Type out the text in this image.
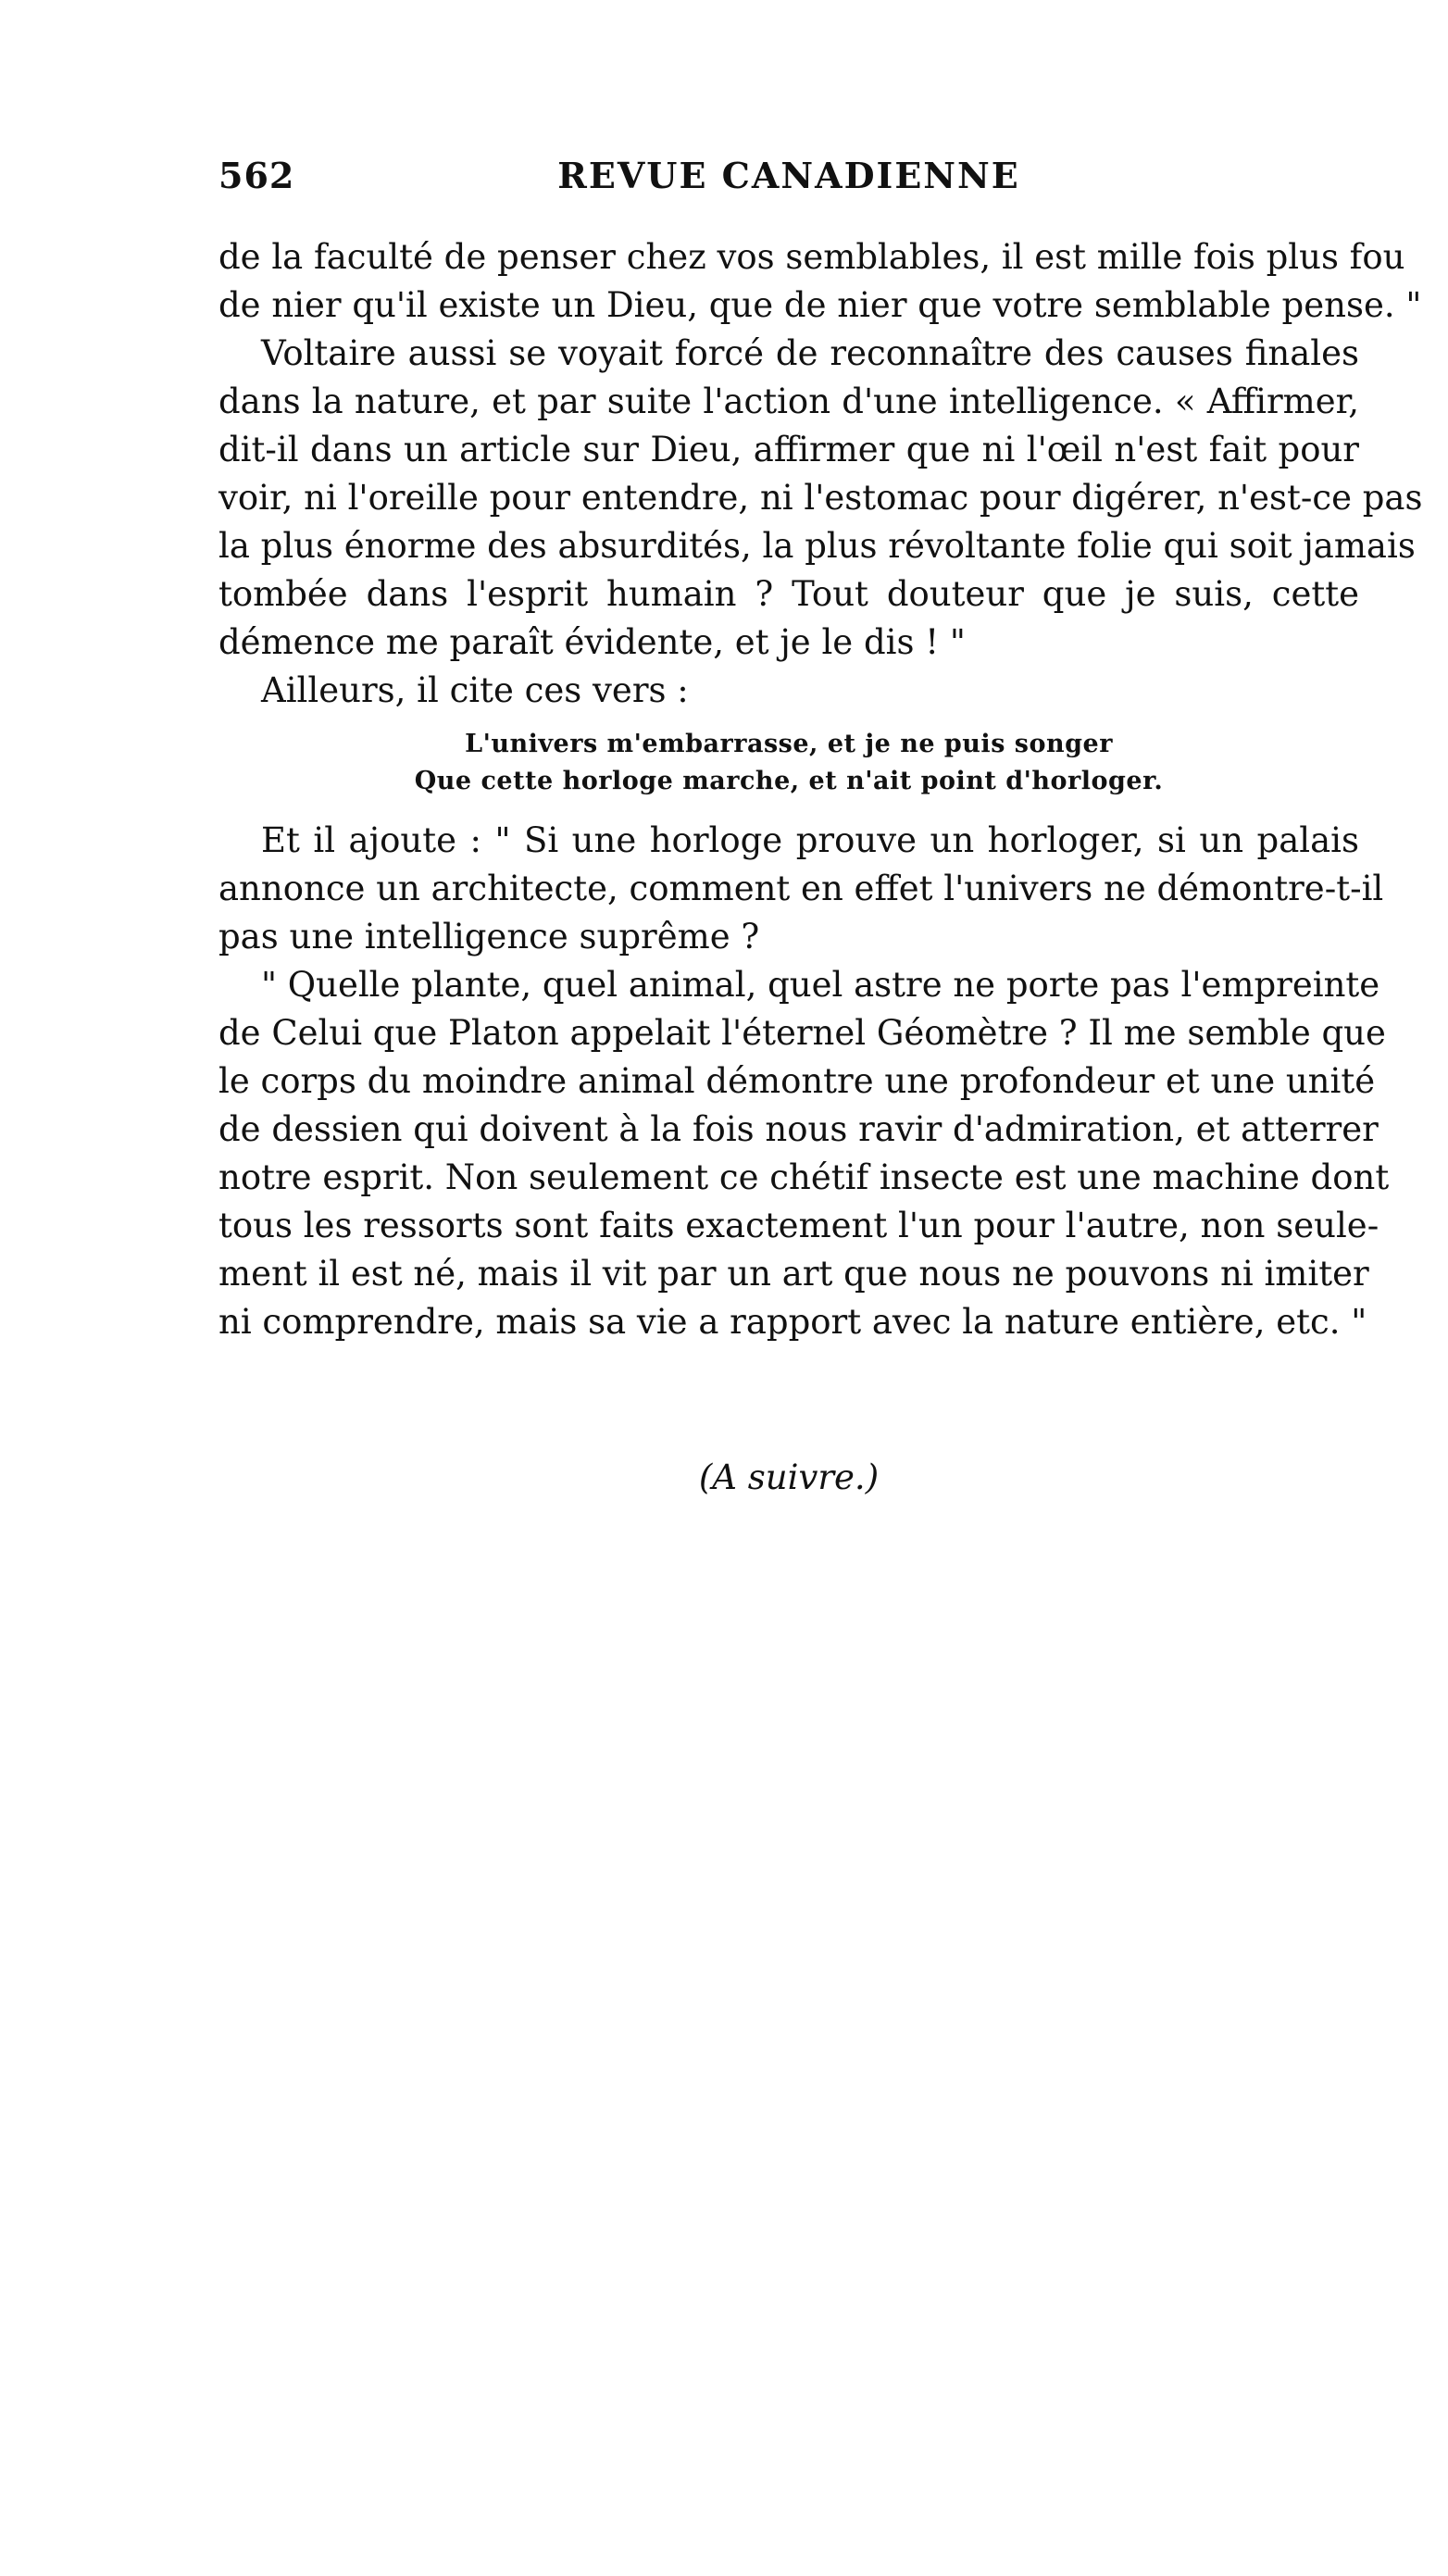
562	REVUE CANADIENNE
de la faculté de penser chez vos semblables, il est mille fois plus fou
de nier qu'il existe un Dieu, que de nier que votre semblable pense. "
Voltaire aussi se voyait forcé de reconnaître des causes finales
dans la nature, et par suite l'action d'une intelligence. « Affirmer,
dit-il dans un article sur Dieu, affirmer que ni l'œil n'est fait pour
voir, ni l'oreille pour entendre, ni l'estomac pour digérer, n'est-ce pas
la plus énorme des absurdités, la plus révoltante folie qui soit jamais
tombée dans l'esprit humain ? Tout douteur que je suis, cette
démence me paraît évidente, et je le dis ! "
Ailleurs, il cite ces vers :
L'univers m'embarrasse, et je ne puis songer
Que cette horloge marche, et n'ait point d'horloger.
Et il ajoute : " Si une horloge prouve un horloger, si un palais
annonce un architecte, comment en effet l'univers ne démontre-t-il
pas une intelligence suprême ?
" Quelle plante, quel animal, quel astre ne porte pas l'empreinte
de Celui que Platon appelait l'éternel Géomètre ? Il me semble que
le corps du moindre animal démontre une profondeur et une unité
de dessien qui doivent à la fois nous ravir d'admiration, et atterrer
notre esprit. Non seulement ce chétif insecte est une machine dont
tous les ressorts sont faits exactement l'un pour l'autre, non seule-
ment il est né, mais il vit par un art que nous ne pouvons ni imiter
ni comprendre, mais sa vie a rapport avec la nature entière, etc. "
(A suivre.)
